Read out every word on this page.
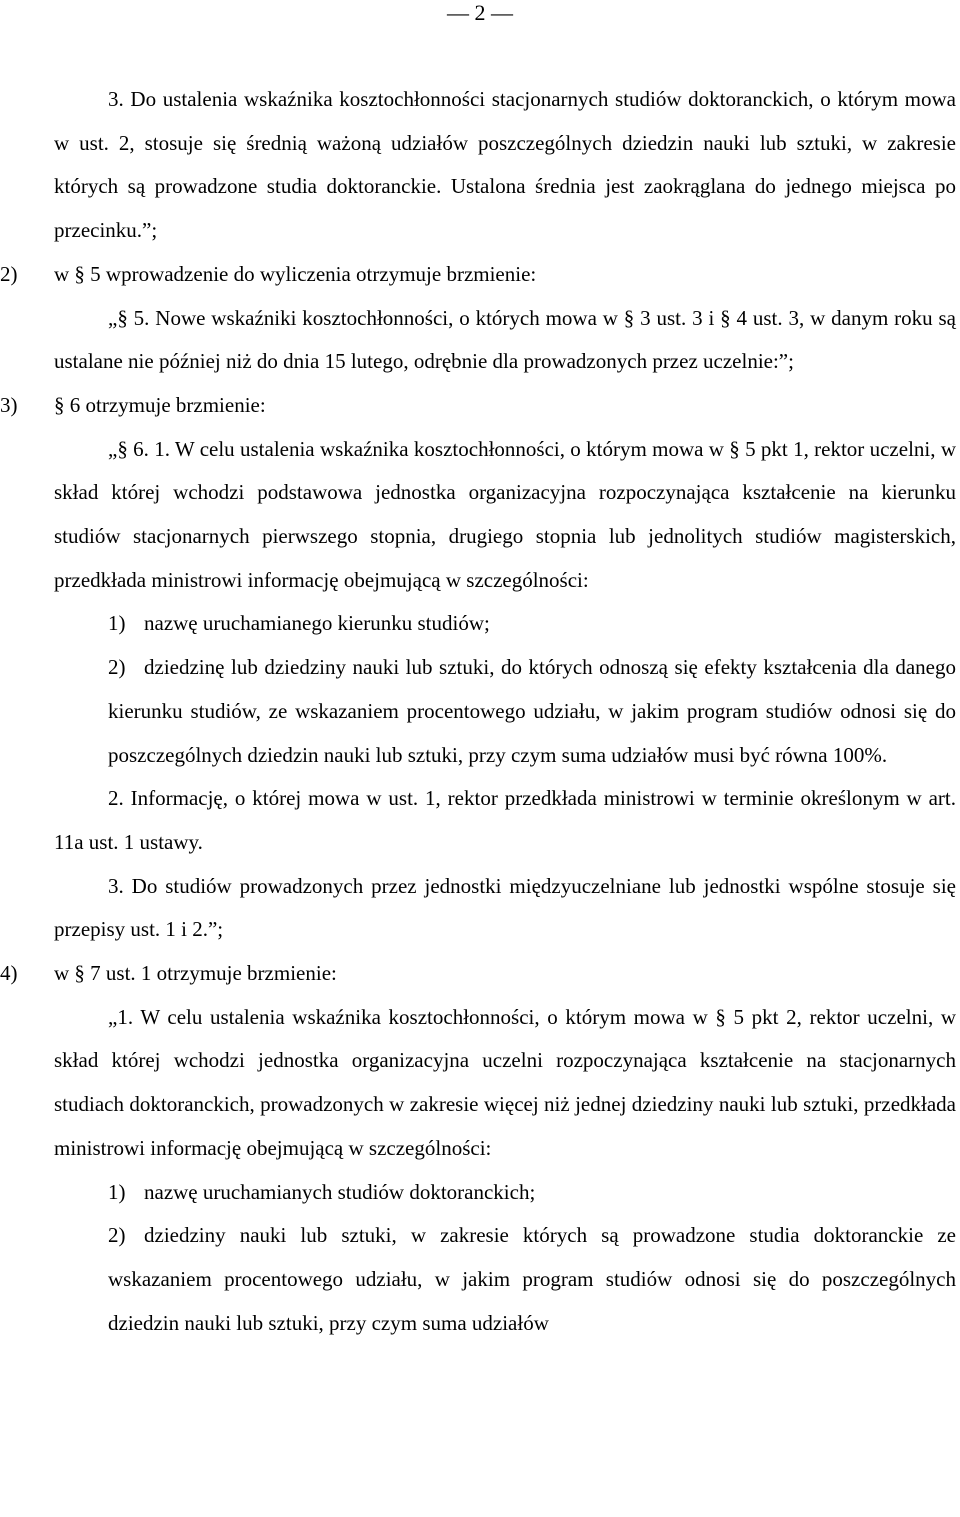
— 2 —

3. Do ustalenia wskaźnika kosztochłonności stacjonarnych studiów doktoranckich, o którym mowa w ust. 2, stosuje się średnią ważoną udziałów poszczególnych dziedzin nauki lub sztuki, w zakresie których są prowadzone studia doktoranckie. Ustalona średnia jest zaokrąglana do jednego miejsca po przecinku.”;

2)	w § 5 wprowadzenie do wyliczenia otrzymuje brzmienie:

„§ 5. Nowe wskaźniki kosztochłonności, o których mowa w § 3 ust. 3 i § 4 ust. 3, w danym roku są ustalane nie później niż do dnia 15 lutego, odrębnie dla prowadzonych przez uczelnie:”;

3)	§ 6 otrzymuje brzmienie:

„§ 6. 1. W celu ustalenia wskaźnika kosztochłonności, o którym mowa w § 5 pkt 1, rektor uczelni, w skład której wchodzi podstawowa jednostka organizacyjna rozpoczynająca kształcenie na kierunku studiów stacjonarnych pierwszego stopnia, drugiego stopnia lub jednolitych studiów magisterskich, przedkłada ministrowi informację obejmującą w szczególności:

1) nazwę uruchamianego kierunku studiów;
2) dziedzinę lub dziedziny nauki lub sztuki, do których odnoszą się efekty kształcenia dla danego kierunku studiów, ze wskazaniem procentowego udziału, w jakim program studiów odnosi się do poszczególnych dziedzin nauki lub sztuki, przy czym suma udziałów musi być równa 100%.

2. Informację, o której mowa w ust. 1, rektor przedkłada ministrowi w terminie określonym w art. 11a ust. 1 ustawy.

3. Do studiów prowadzonych przez jednostki międzyuczelniane lub jednostki wspólne stosuje się przepisy ust. 1 i 2.”;

4)	w § 7 ust. 1 otrzymuje brzmienie:

„1. W celu ustalenia wskaźnika kosztochłonności, o którym mowa w § 5 pkt 2, rektor uczelni, w skład której wchodzi jednostka organizacyjna uczelni rozpoczynająca kształcenie na stacjonarnych studiach doktoranckich, prowadzonych w zakresie więcej niż jednej dziedziny nauki lub sztuki, przedkłada ministrowi informację obejmującą w szczególności:

1) nazwę uruchamianych studiów doktoranckich;
2) dziedziny nauki lub sztuki, w zakresie których są prowadzone studia doktoranckie ze wskazaniem procentowego udziału, w jakim program studiów odnosi się do poszczególnych dziedzin nauki lub sztuki, przy czym suma udziałów
